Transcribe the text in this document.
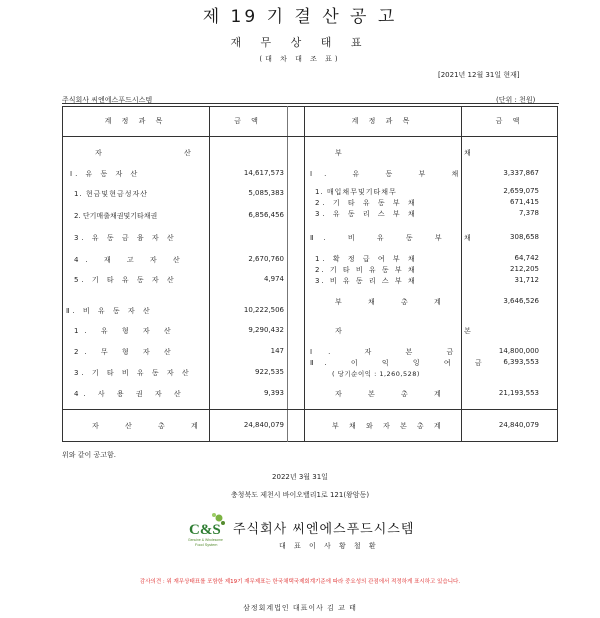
제 19 기 결 산 공 고
재 무 상 태 표
(대 차 대 조 표)
[2021년 12월 31일 현재]
주식회사 씨엔에스푸드시스템	(단위 : 천원)
계 정 과 목	금 액	계 정 과 목	금 액
자 산
Ⅰ. 유 동 자 산	14,617,573
1. 현금및현금성자산	5,085,383
2. 단기매출채권및기타채권	6,856,456
3. 유 동 금 융 자 산
4. 재 고 자 산	2,670,760
5. 기 타 유 동 자 산	4,974
Ⅱ. 비 유 동 자 산	10,222,506
1. 유 형 자 산	9,290,432
2. 무 형 자 산	147
3. 기 타 비 유 동 자 산	922,535
4. 사 용 권 자 산	9,393
자 산 총 계	24,840,079
부 채
Ⅰ. 유 동 부 채	3,337,867
1. 매입채무및기타채무	2,659,075
2. 기 타 유 동 부 채	671,415
3. 유 동 리 스 부 채	7,378
Ⅱ. 비 유 동 부 채	308,658
1. 확 정 급 여 부 채	64,742
2. 기 타 비 유 동 부 채	212,205
3. 비 유 동 리 스 부 채	31,712
부 채 총 계	3,646,526
자 본
Ⅰ. 자 본 금	14,800,000
Ⅱ. 이 익 잉 여 금	6,393,553
( 당기순이익 : 1,260,528)
자 본 총 계	21,193,553
부 채 와 자 본 총 계	24,840,079
위와 같이 공고함.
2022년 3월 31일
충청북도 제천시 바이오밸리1로 121(왕암동)
C&S
Genuine & Wholesome
Food System
주식회사 씨엔에스푸드시스템
대 표 이 사 황 철 환
감사의견 : 위 재무상태표를 포함한 제19기 재무제표는 한국채택국제회계기준에 따라 중요성의 관점에서 적정하게 표시하고 있습니다.
삼정회계법인 대표이사 김 교 태
